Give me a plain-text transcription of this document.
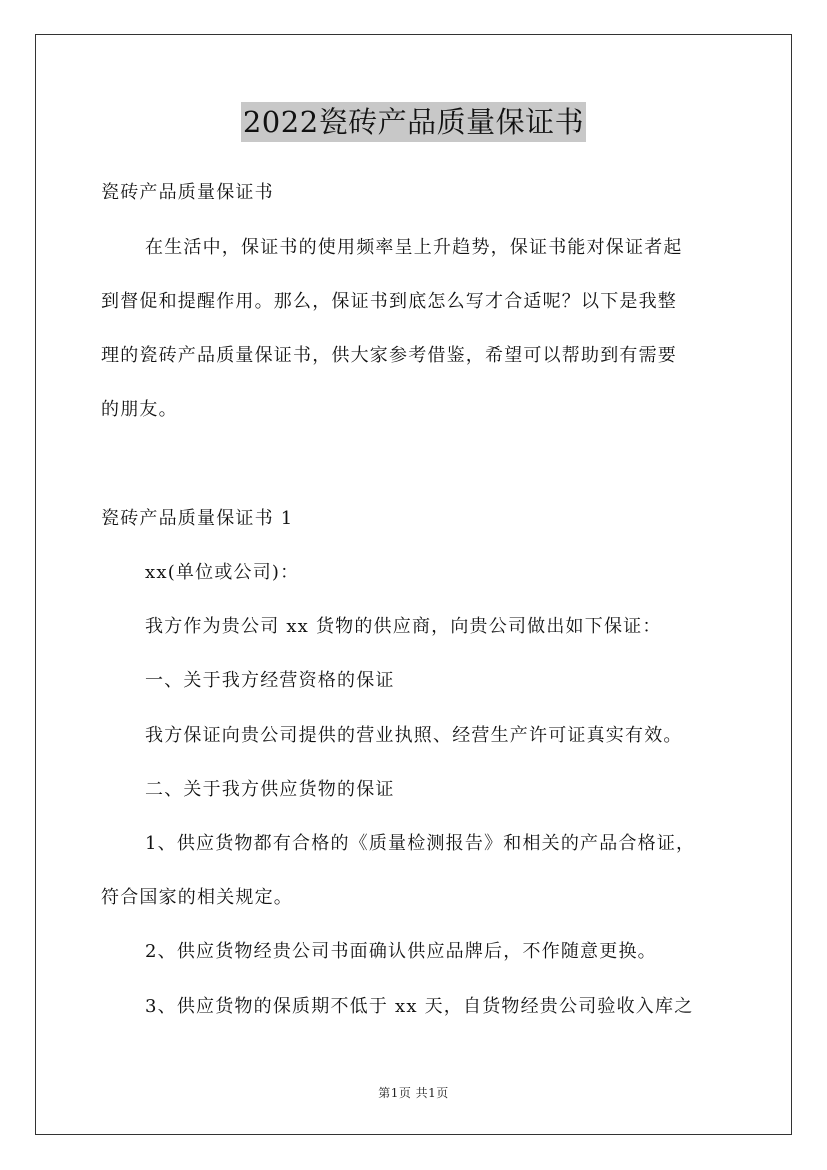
2022瓷砖产品质量保证书
瓷砖产品质量保证书
在生活中，保证书的使用频率呈上升趋势，保证书能对保证者起
到督促和提醒作用。那么，保证书到底怎么写才合适呢？以下是我整
理的瓷砖产品质量保证书，供大家参考借鉴，希望可以帮助到有需要
的朋友。
瓷砖产品质量保证书 1
xx(单位或公司)：
我方作为贵公司 xx 货物的供应商，向贵公司做出如下保证：
一、关于我方经营资格的保证
我方保证向贵公司提供的营业执照、经营生产许可证真实有效。
二、关于我方供应货物的保证
1、供应货物都有合格的《质量检测报告》和相关的产品合格证，
符合国家的相关规定。
2、供应货物经贵公司书面确认供应品牌后，不作随意更换。
3、供应货物的保质期不低于 xx 天，自货物经贵公司验收入库之
第1页 共1页
